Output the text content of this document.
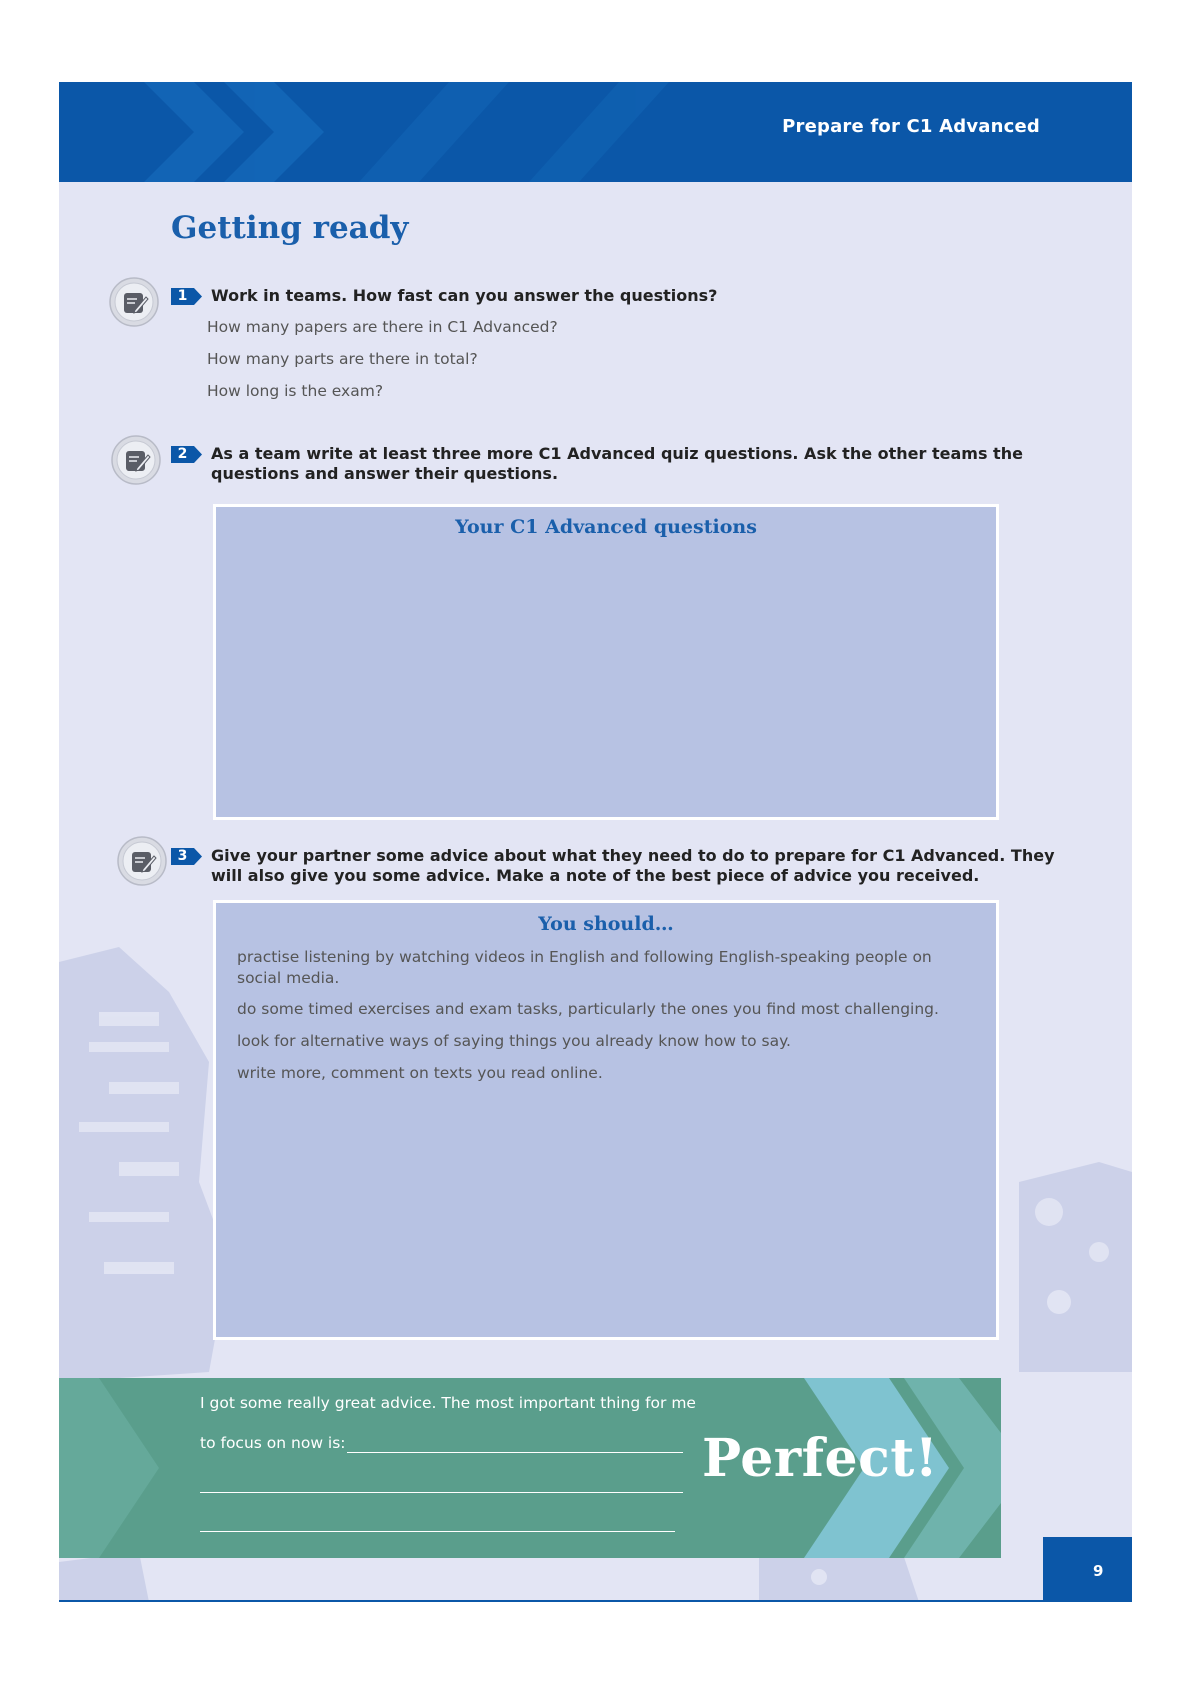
Prepare for C1 Advanced
Getting ready
1	Work in teams. How fast can you answer the questions?
How many papers are there in C1 Advanced?
How many parts are there in total?
How long is the exam?
2	As a team write at least three more C1 Advanced quiz questions. Ask the other teams the
questions and answer their questions.
Your C1 Advanced questions
3	Give your partner some advice about what they need to do to prepare for C1 Advanced. They
will also give you some advice. Make a note of the best piece of advice you received.
You should…
practise listening by watching videos in English and following English-speaking people on social media.
do some timed exercises and exam tasks, particularly the ones you find most challenging.
look for alternative ways of saying things you already know how to say.
write more, comment on texts you read online.
I got some really great advice. The most important thing for me
to focus on now is:	Perfect!
9
